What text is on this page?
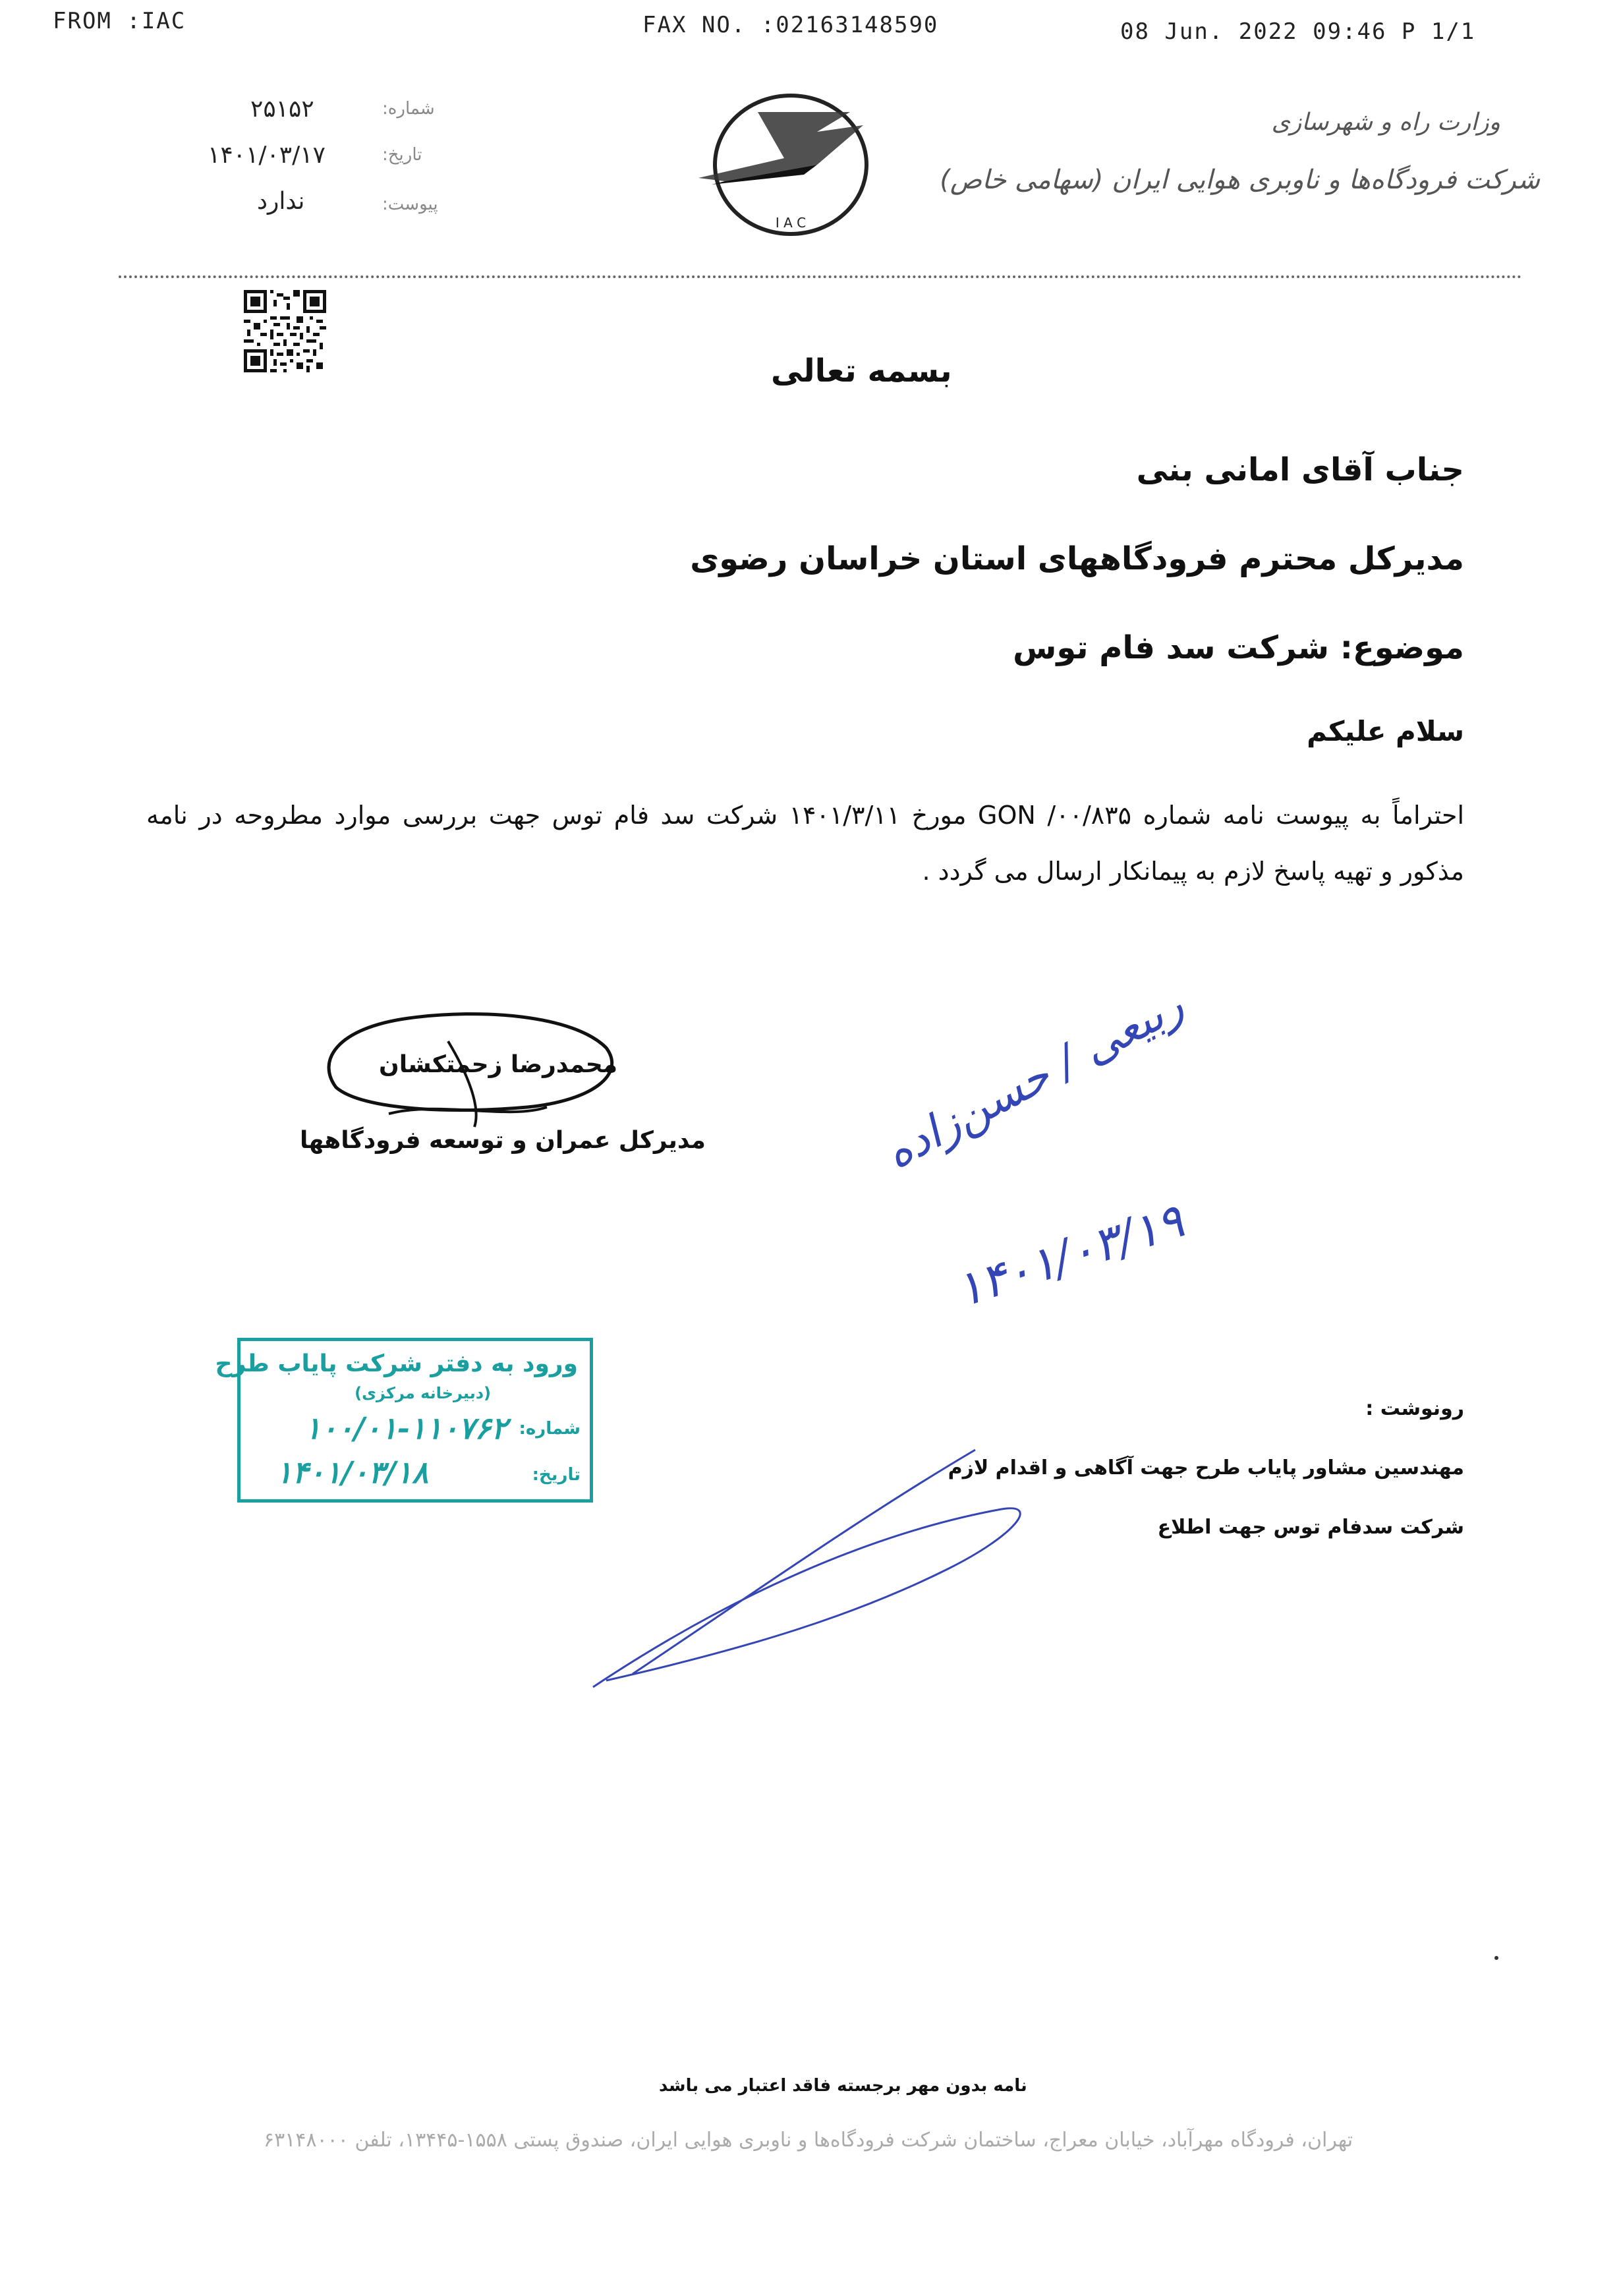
FROM :IAC	FAX NO. :02163148590	08 Jun. 2022 09:46 P 1/1
شماره:
۲۵۱۵۲
تاریخ:
۱۴۰۱/۰۳/۱۷
پیوست:
ندارد
I A C
وزارت راه و شهرسازی
شرکت فرودگاه‌ها و ناوبری هوایی ایران (سهامی خاص)
بسمه تعالی
جناب آقای امانی بنی
مدیرکل محترم فرودگاههای استان خراسان رضوی
موضوع: شرکت سد فام توس
سلام علیکم
احتراماً به پیوست نامه شماره ۰۰/۸۳۵/ GON مورخ ۱۴۰۱/۳/۱۱ شرکت سد فام توس جهت بررسی موارد مطروحه در نامه مذکور و تهیه پاسخ لازم به پیمانکار ارسال می گردد .
محمدرضا زحمتکشان
مدیرکل عمران و توسعه فرودگاهها	ربیعی / حسن‌زاده
۱۴۰۱/۰۳/۱۹
ورود به دفتر شرکت پایاب طرح
(دبیرخانه مرکزی)
شماره:
۱۰۰/۰۱-۱۱۰۷۶۲
تاریخ:
۱۴۰۱/۰۳/۱۸
رونوشت :
مهندسین مشاور پایاب طرح جهت آگاهی و اقدام لازم
شرکت سدفام توس جهت اطلاع
نامه بدون مهر برجسته فاقد اعتبار می باشد
تهران، فرودگاه مهرآباد، خیابان معراج، ساختمان شرکت فرودگاه‌ها و ناوبری هوایی ایران، صندوق پستی ۱۵۵۸-۱۳۴۴۵، تلفن ۶۳۱۴۸۰۰۰
